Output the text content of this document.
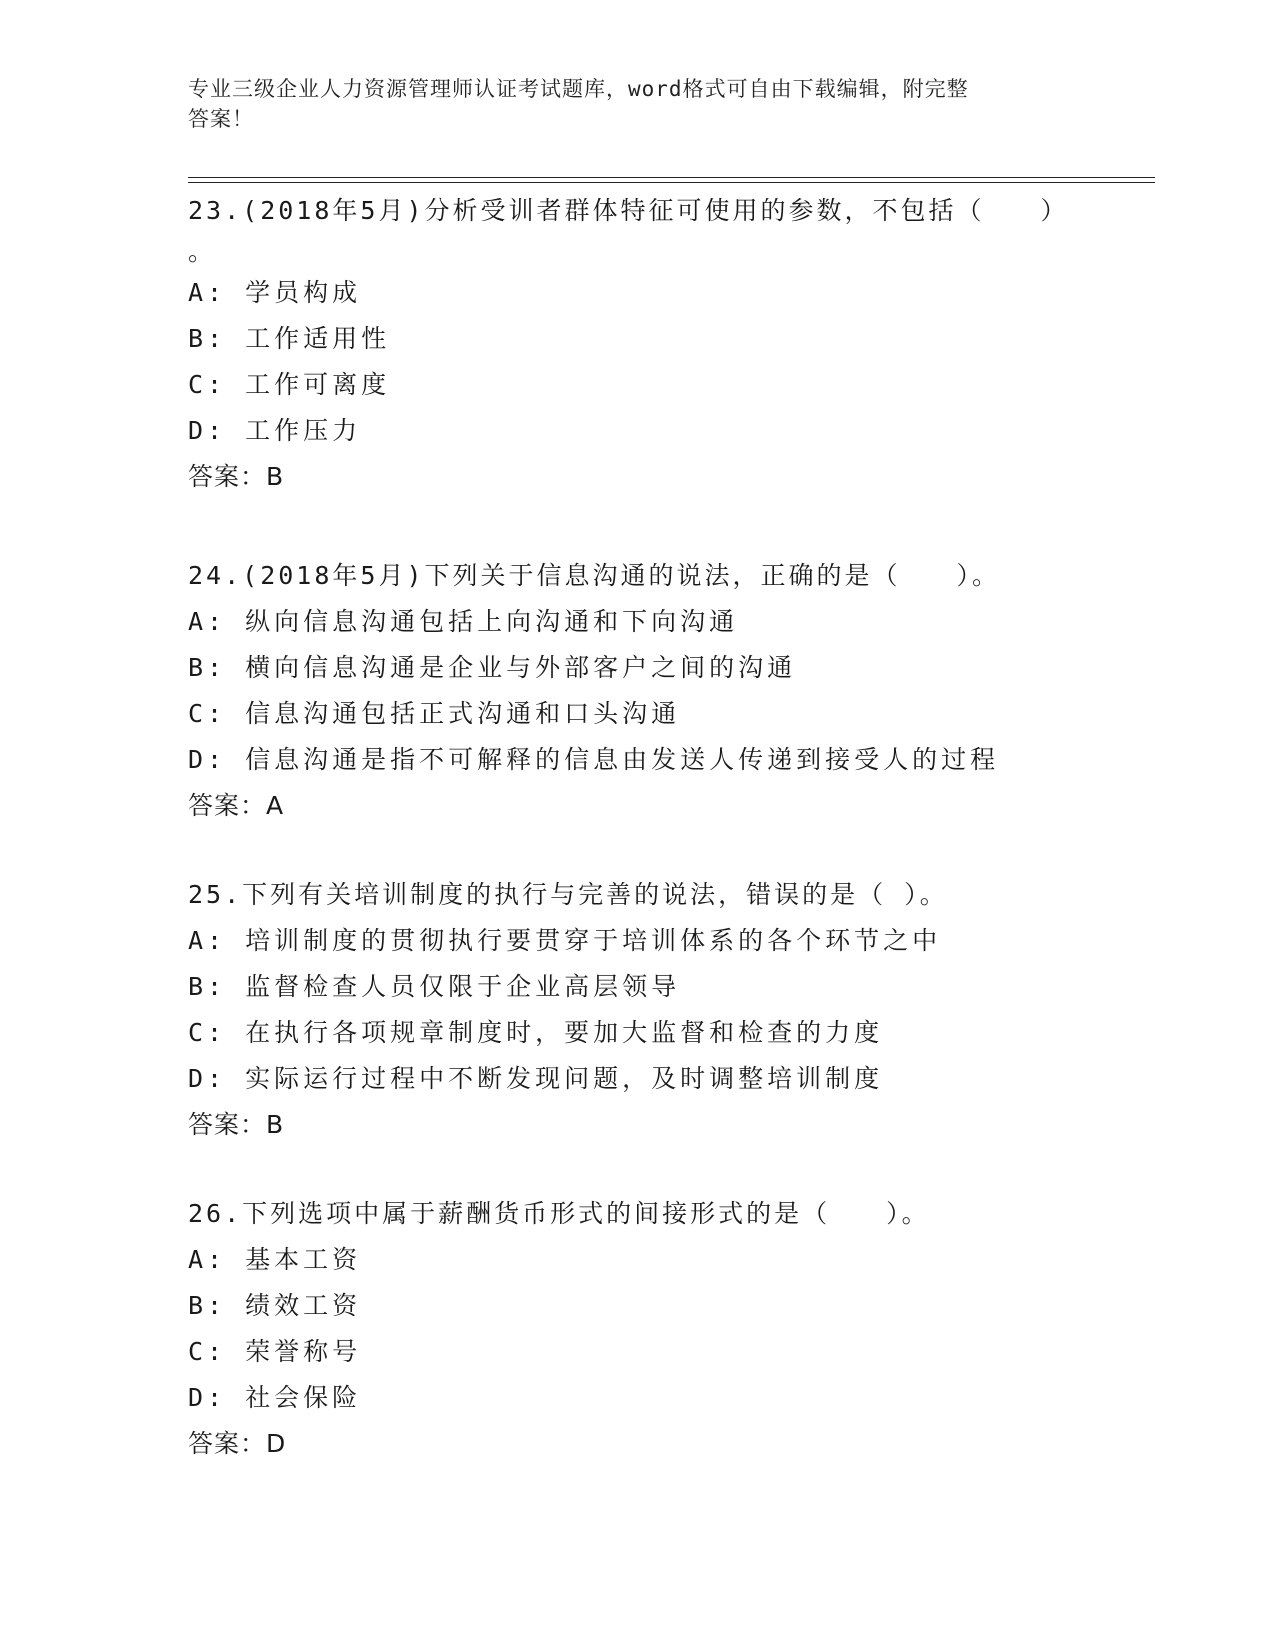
专业三级企业人力资源管理师认证考试题库，word格式可自由下载编辑，附完整
答案！
23.(2018年5月)分析受训者群体特征可使用的参数，不包括（　　）
。
A: 学员构成
B: 工作适用性
C: 工作可离度
D: 工作压力
答案：B
24.(2018年5月)下列关于信息沟通的说法，正确的是（　　）。
A: 纵向信息沟通包括上向沟通和下向沟通
B: 横向信息沟通是企业与外部客户之间的沟通
C: 信息沟通包括正式沟通和口头沟通
D: 信息沟通是指不可解释的信息由发送人传递到接受人的过程
答案：A
25.下列有关培训制度的执行与完善的说法，错误的是（ ）。
A: 培训制度的贯彻执行要贯穿于培训体系的各个环节之中
B: 监督检查人员仅限于企业高层领导
C: 在执行各项规章制度时，要加大监督和检查的力度
D: 实际运行过程中不断发现问题，及时调整培训制度
答案：B
26.下列选项中属于薪酬货币形式的间接形式的是（　　）。
A: 基本工资
B: 绩效工资
C: 荣誉称号
D: 社会保险
答案：D
